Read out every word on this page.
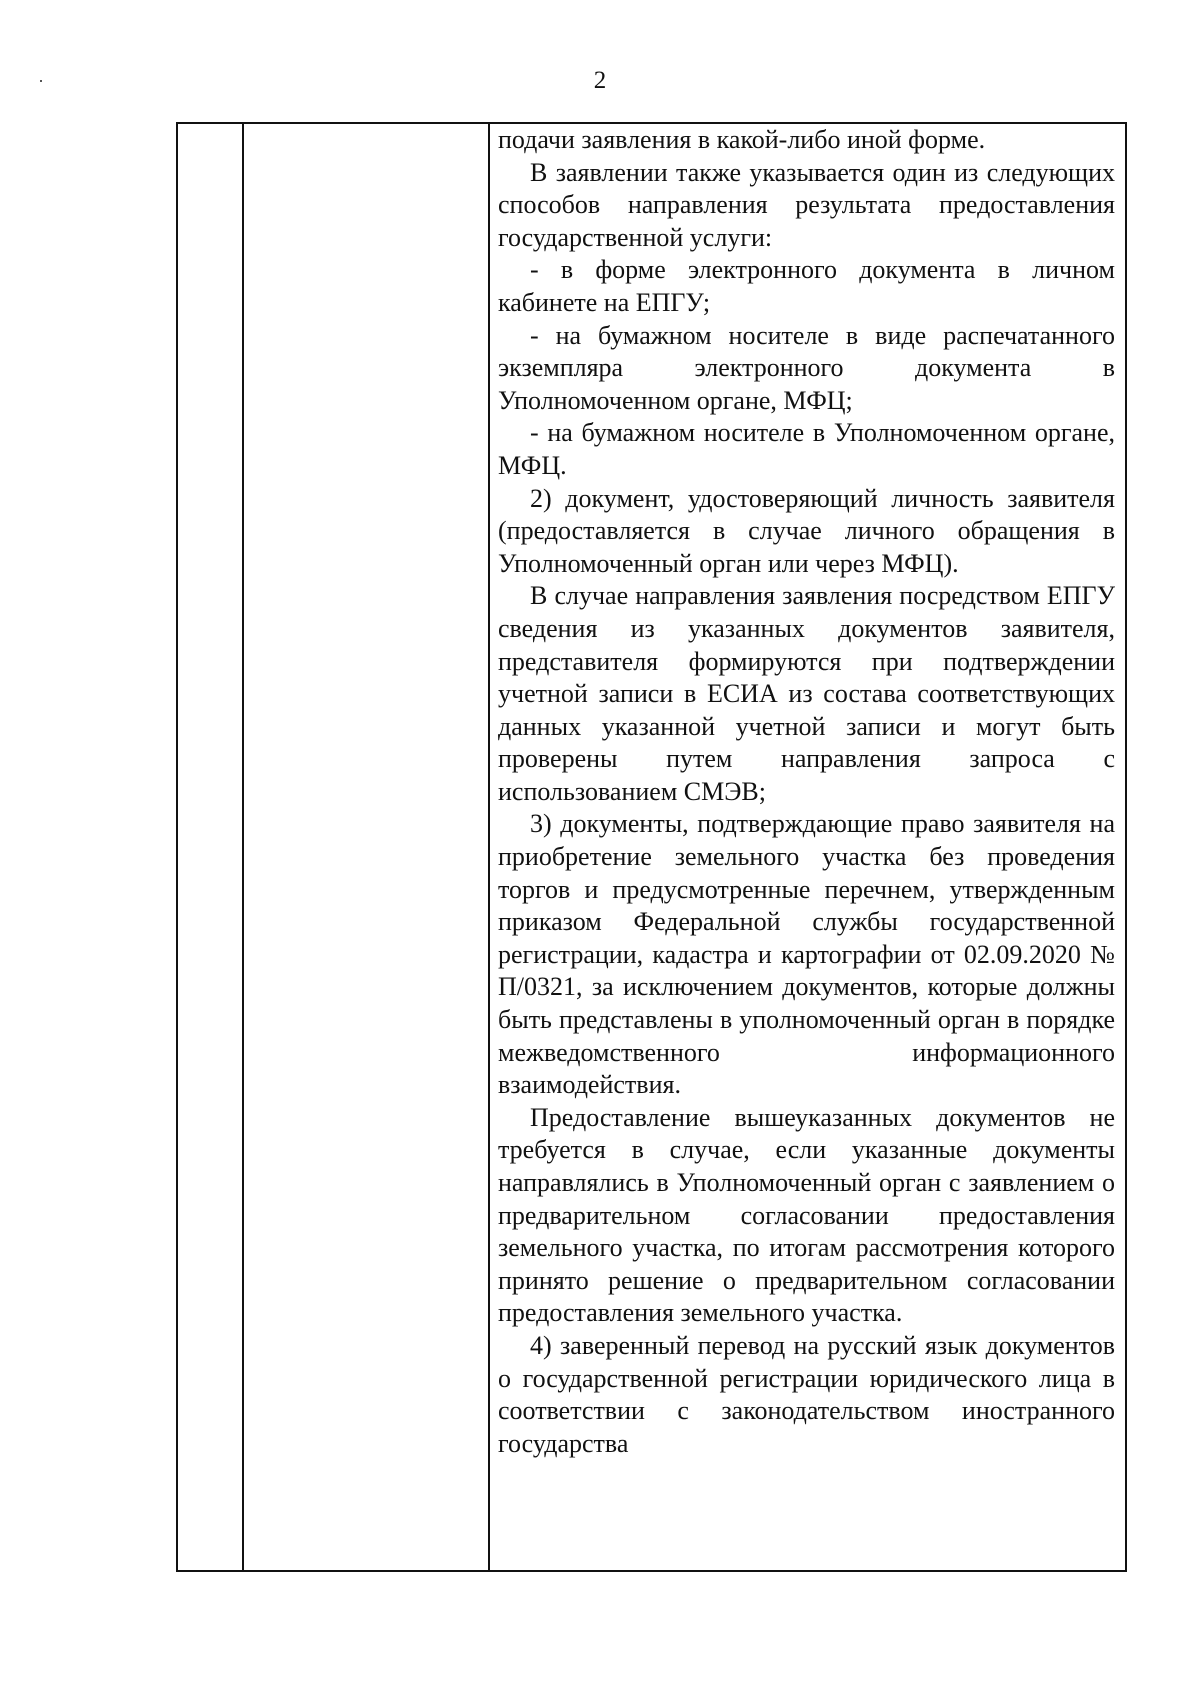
2

подачи заявления в какой-либо иной форме.

В заявлении также указывается один из следующих способов направления результата предоставления государственной услуги:

- в форме электронного документа в личном кабинете на ЕПГУ;

- на бумажном носителе в виде распечатанного экземпляра электронного документа в Уполномоченном органе, МФЦ;

- на бумажном носителе в Уполномоченном органе, МФЦ.

2) документ, удостоверяющий личность заявителя (предоставляется в случае личного обращения в Уполномоченный орган или через МФЦ).

В случае направления заявления посредством ЕПГУ сведения из указанных документов заявителя, представителя формируются при подтверждении учетной записи в ЕСИА из состава соответствующих данных указанной учетной записи и могут быть проверены путем направления запроса с использованием СМЭВ;

3) документы, подтверждающие право заявителя на приобретение земельного участка без проведения торгов и предусмотренные перечнем, утвержденным приказом Федеральной службы государственной регистрации, кадастра и картографии от 02.09.2020 № П/0321, за исключением документов, которые должны быть представлены в уполномоченный орган в порядке межведомственного информационного взаимодействия.

Предоставление вышеуказанных документов не требуется в случае, если указанные документы направлялись в Уполномоченный орган с заявлением о предварительном согласовании предоставления земельного участка, по итогам рассмотрения которого принято решение о предварительном согласовании предоставления земельного участка.

4) заверенный перевод на русский язык документов о государственной регистрации юридического лица в соответствии с законодательством иностранного государства
